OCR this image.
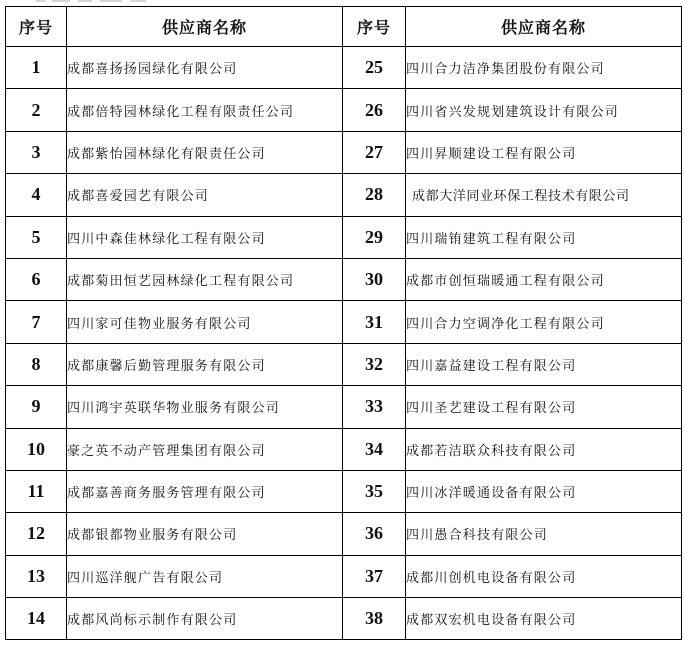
序号	供应商名称	序号	供应商名称
1	成都喜扬扬园绿化有限公司	25	四川合力洁净集团股份有限公司
2	成都倍特园林绿化工程有限责任公司	26	四川省兴发规划建筑设计有限公司
3	成都紫怡园林绿化有限责任公司	27	四川昇顺建设工程有限公司
4	成都喜爱园艺有限公司	28	成都大洋同业环保工程技术有限公司
5	四川中森佳林绿化工程有限公司	29	四川瑞铕建筑工程有限公司
6	成都菊田恒艺园林绿化工程有限公司	30	成都市创恒瑞暖通工程有限公司
7	四川家可佳物业服务有限公司	31	四川合力空调净化工程有限公司
8	成都康馨后勤管理服务有限公司	32	四川嘉益建设工程有限公司
9	四川鸿宇英联华物业服务有限公司	33	四川圣艺建设工程有限公司
10	豪之英不动产管理集团有限公司	34	成都若洁联众科技有限公司
11	成都嘉善商务服务管理有限公司	35	四川冰洋暖通设备有限公司
12	成都银都物业服务有限公司	36	四川愚合科技有限公司
13	四川巡洋舰广告有限公司	37	成都川创机电设备有限公司
14	成都风尚标示制作有限公司	38	成都双宏机电设备有限公司
